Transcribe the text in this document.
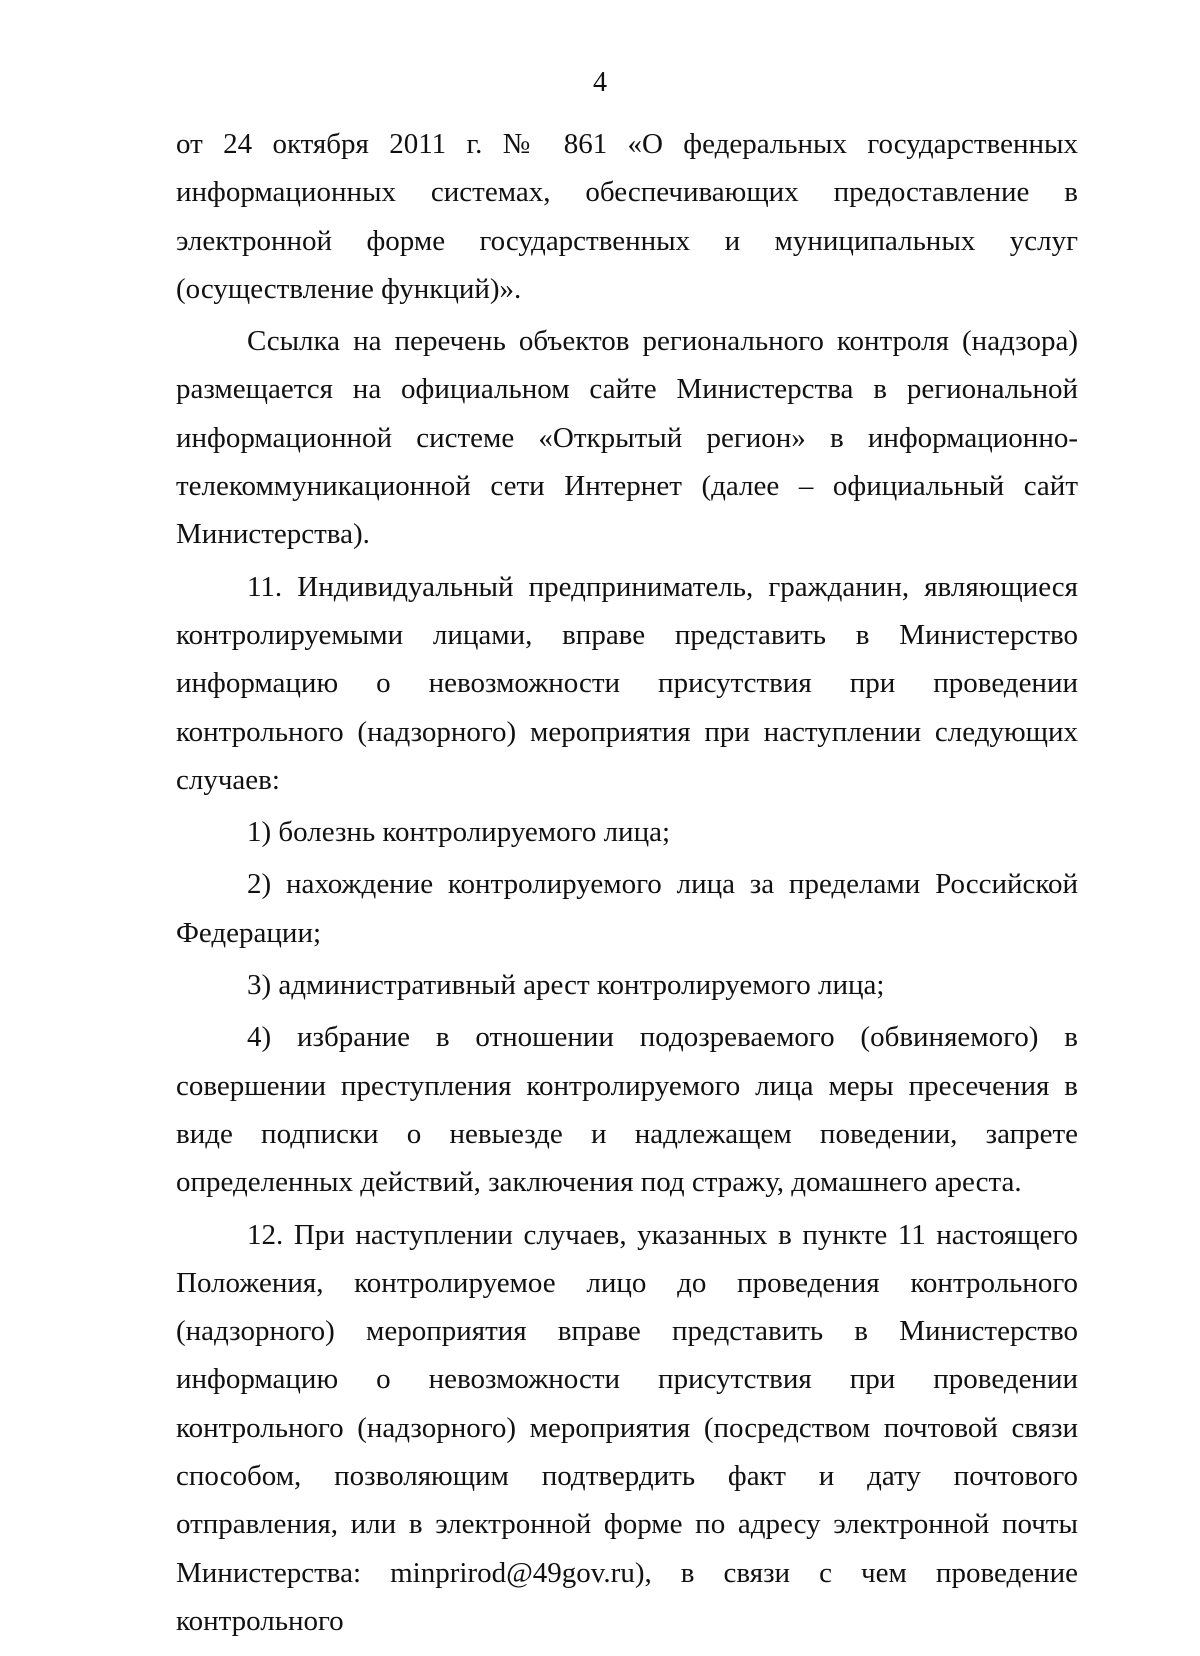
4

от 24 октября 2011 г. № 861 «О федеральных государственных информационных системах, обеспечивающих предоставление в электронной форме государственных и муниципальных услуг (осуществление функций)».

Ссылка на перечень объектов регионального контроля (надзора) размещается на официальном сайте Министерства в региональной информационной системе «Открытый регион» в информационно-телекоммуникационной сети Интернет (далее – официальный сайт Министерства).

11. Индивидуальный предприниматель, гражданин, являющиеся контролируемыми лицами, вправе представить в Министерство информацию о невозможности присутствия при проведении контрольного (надзорного) мероприятия при наступлении следующих случаев:

1) болезнь контролируемого лица;

2) нахождение контролируемого лица за пределами Российской Федерации;

3) административный арест контролируемого лица;

4) избрание в отношении подозреваемого (обвиняемого) в совершении преступления контролируемого лица меры пресечения в виде подписки о невыезде и надлежащем поведении, запрете определенных действий, заключения под стражу, домашнего ареста.

12. При наступлении случаев, указанных в пункте 11 настоящего Положения, контролируемое лицо до проведения контрольного (надзорного) мероприятия вправе представить в Министерство информацию о невозможности присутствия при проведении контрольного (надзорного) мероприятия (посредством почтовой связи способом, позволяющим подтвердить факт и дату почтового отправления, или в электронной форме по адресу электронной почты Министерства: minprirod@49gov.ru), в связи с чем проведение контрольного
